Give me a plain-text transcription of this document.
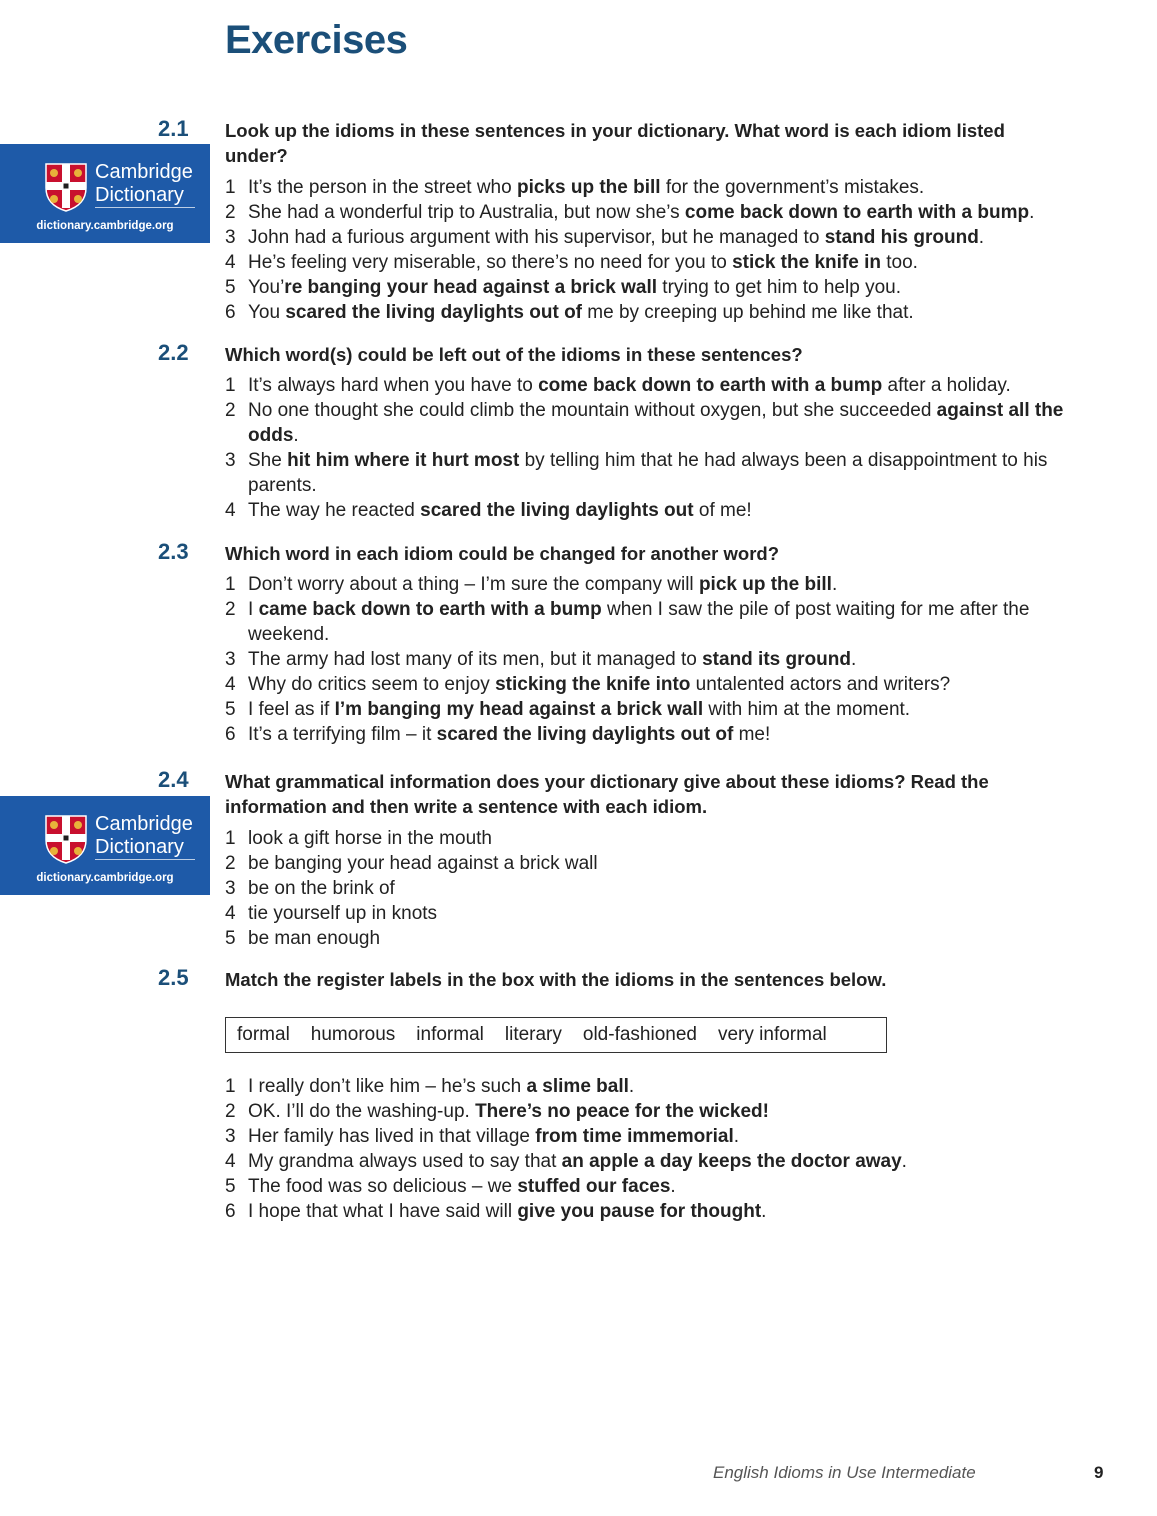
Exercises
2.1 Look up the idioms in these sentences in your dictionary. What word is each idiom listed under?
1 It’s the person in the street who picks up the bill for the government’s mistakes.
2 She had a wonderful trip to Australia, but now she’s come back down to earth with a bump.
3 John had a furious argument with his supervisor, but he managed to stand his ground.
4 He’s feeling very miserable, so there’s no need for you to stick the knife in too.
5 You’re banging your head against a brick wall trying to get him to help you.
6 You scared the living daylights out of me by creeping up behind me like that.
Cambridge
Dictionary
dictionary.cambridge.org
2.2 Which word(s) could be left out of the idioms in these sentences?
1 It’s always hard when you have to come back down to earth with a bump after a holiday.
2 No one thought she could climb the mountain without oxygen, but she succeeded against all the odds.
3 She hit him where it hurt most by telling him that he had always been a disappointment to his parents.
4 The way he reacted scared the living daylights out of me!
2.3 Which word in each idiom could be changed for another word?
1 Don’t worry about a thing – I’m sure the company will pick up the bill.
2 I came back down to earth with a bump when I saw the pile of post waiting for me after the weekend.
3 The army had lost many of its men, but it managed to stand its ground.
4 Why do critics seem to enjoy sticking the knife into untalented actors and writers?
5 I feel as if I’m banging my head against a brick wall with him at the moment.
6 It’s a terrifying film – it scared the living daylights out of me!
2.4 What grammatical information does your dictionary give about these idioms? Read the information and then write a sentence with each idiom.
1 look a gift horse in the mouth
2 be banging your head against a brick wall
3 be on the brink of
4 tie yourself up in knots
5 be man enough
Cambridge
Dictionary
dictionary.cambridge.org
2.5 Match the register labels in the box with the idioms in the sentences below.
1 I really don’t like him – he’s such a slime ball.
2 OK. I’ll do the washing-up. There’s no peace for the wicked!
3 Her family has lived in that village from time immemorial.
4 My grandma always used to say that an apple a day keeps the doctor away.
5 The food was so delicious – we stuffed our faces.
6 I hope that what I have said will give you pause for thought.
formal humorous informal literary old-fashioned very informal
English Idioms in Use Intermediate	9
